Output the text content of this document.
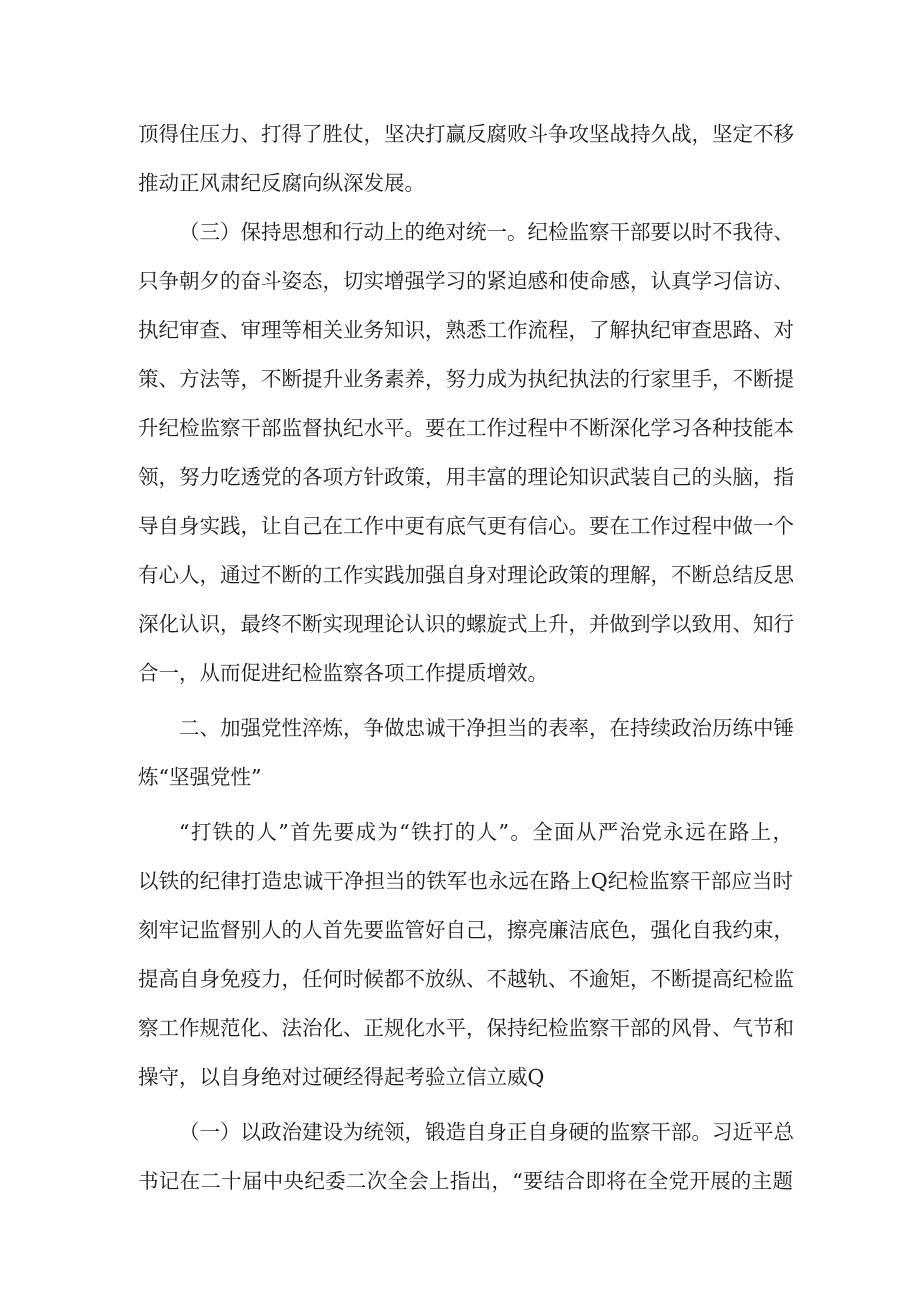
顶得住压力、打得了胜仗，坚决打赢反腐败斗争攻坚战持久战，坚定不移

推动正风肃纪反腐向纵深发展。

（三）保持思想和行动上的绝对统一。纪检监察干部要以时不我待、

只争朝夕的奋斗姿态，切实增强学习的紧迫感和使命感，认真学习信访、

执纪审查、审理等相关业务知识，熟悉工作流程，了解执纪审查思路、对

策、方法等，不断提升业务素养，努力成为执纪执法的行家里手，不断提

升纪检监察干部监督执纪水平。要在工作过程中不断深化学习各种技能本

领，努力吃透党的各项方针政策，用丰富的理论知识武装自己的头脑，指

导自身实践，让自己在工作中更有底气更有信心。要在工作过程中做一个

有心人，通过不断的工作实践加强自身对理论政策的理解，不断总结反思

深化认识，最终不断实现理论认识的螺旋式上升，并做到学以致用、知行

合一，从而促进纪检监察各项工作提质增效。

二、加强党性淬炼，争做忠诚干净担当的表率，在持续政治历练中锤

炼“坚强党性”

“打铁的人”首先要成为“铁打的人”。全面从严治党永远在路上，

以铁的纪律打造忠诚干净担当的铁军也永远在路上Q纪检监察干部应当时

刻牢记监督别人的人首先要监管好自己，擦亮廉洁底色，强化自我约束，

提高自身免疫力，任何时候都不放纵、不越轨、不逾矩，不断提高纪检监

察工作规范化、法治化、正规化水平，保持纪检监察干部的风骨、气节和

操守，以自身绝对过硬经得起考验立信立威Q

（一）以政治建设为统领，锻造自身正自身硬的监察干部。习近平总

书记在二十届中央纪委二次全会上指出，“要结合即将在全党开展的主题
